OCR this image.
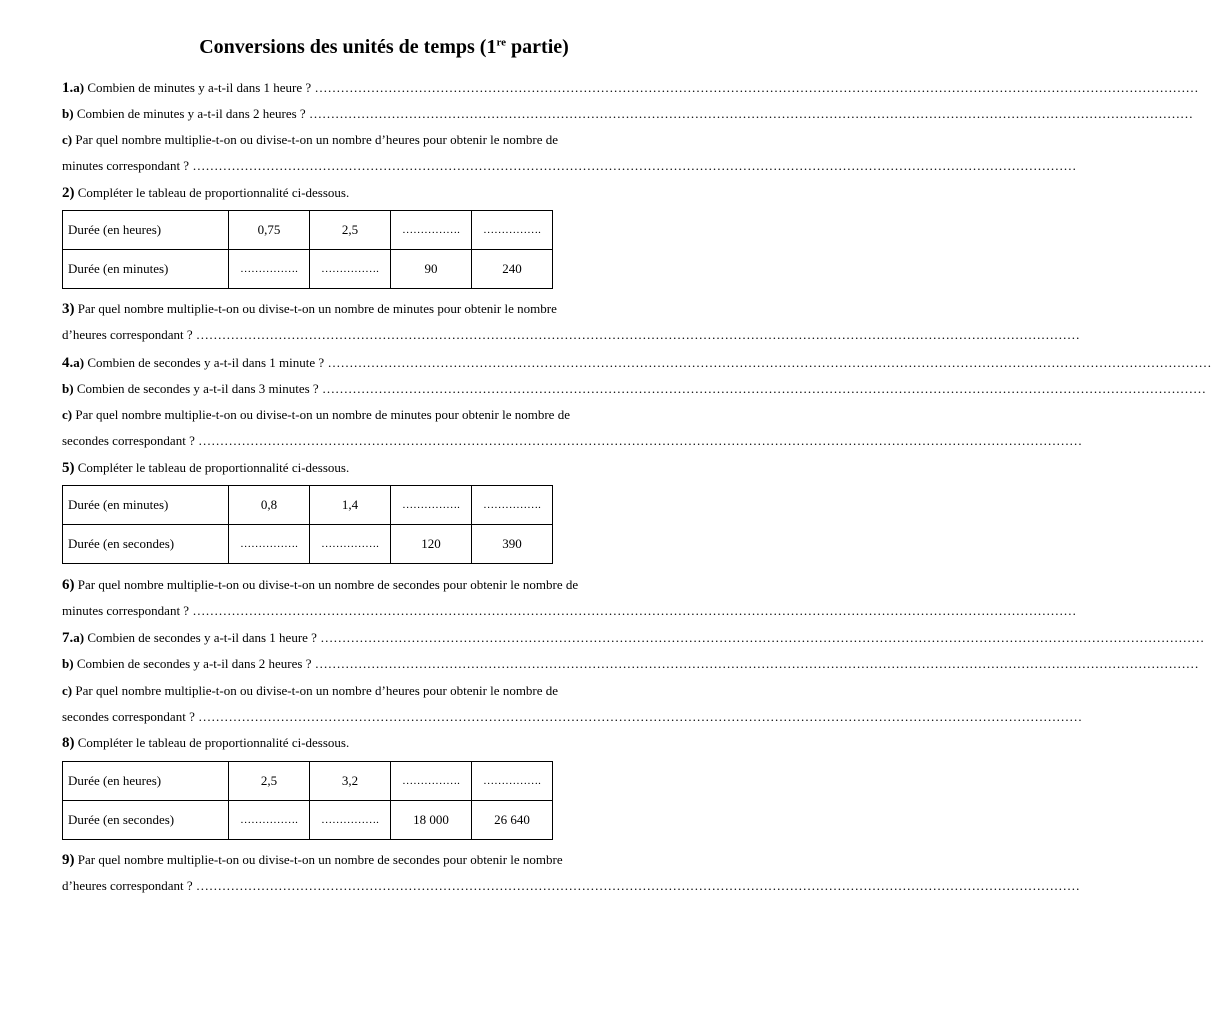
Conversions des unités de temps (1re partie)
1.a) Combien de minutes y a-t-il dans 1 heure ? ……………………………………………………………………………………………………………………………………………………………………………………
b) Combien de minutes y a-t-il dans 2 heures ? ……………………………………………………………………………………………………………………………………………………………………………………
c) Par quel nombre multiplie-t-on ou divise-t-on un nombre d’heures pour obtenir le nombre de
minutes correspondant ? ……………………………………………………………………………………………………………………………………………………………………………………
2) Compléter le tableau de proportionnalité ci-dessous.
Durée (en heures)	0,75	2,5	…………….	…………….
Durée (en minutes)	…………….	…………….	90	240
3) Par quel nombre multiplie-t-on ou divise-t-on un nombre de minutes pour obtenir le nombre
d’heures correspondant ? ……………………………………………………………………………………………………………………………………………………………………………………
4.a) Combien de secondes y a-t-il dans 1 minute ? ……………………………………………………………………………………………………………………………………………………………………………………
b) Combien de secondes y a-t-il dans 3 minutes ? ……………………………………………………………………………………………………………………………………………………………………………………
c) Par quel nombre multiplie-t-on ou divise-t-on un nombre de minutes pour obtenir le nombre de
secondes correspondant ? ……………………………………………………………………………………………………………………………………………………………………………………
5) Compléter le tableau de proportionnalité ci-dessous.
Durée (en minutes)	0,8	1,4	…………….	…………….
Durée (en secondes)	…………….	…………….	120	390
6) Par quel nombre multiplie-t-on ou divise-t-on un nombre de secondes pour obtenir le nombre de
minutes correspondant ? ……………………………………………………………………………………………………………………………………………………………………………………
7.a) Combien de secondes y a-t-il dans 1 heure ? ……………………………………………………………………………………………………………………………………………………………………………………
b) Combien de secondes y a-t-il dans 2 heures ? ……………………………………………………………………………………………………………………………………………………………………………………
c) Par quel nombre multiplie-t-on ou divise-t-on un nombre d’heures pour obtenir le nombre de
secondes correspondant ? ……………………………………………………………………………………………………………………………………………………………………………………
8) Compléter le tableau de proportionnalité ci-dessous.
Durée (en heures)	2,5	3,2	…………….	…………….
Durée (en secondes)	…………….	…………….	18 000	26 640
9) Par quel nombre multiplie-t-on ou divise-t-on un nombre de secondes pour obtenir le nombre
d’heures correspondant ? ……………………………………………………………………………………………………………………………………………………………………………………
